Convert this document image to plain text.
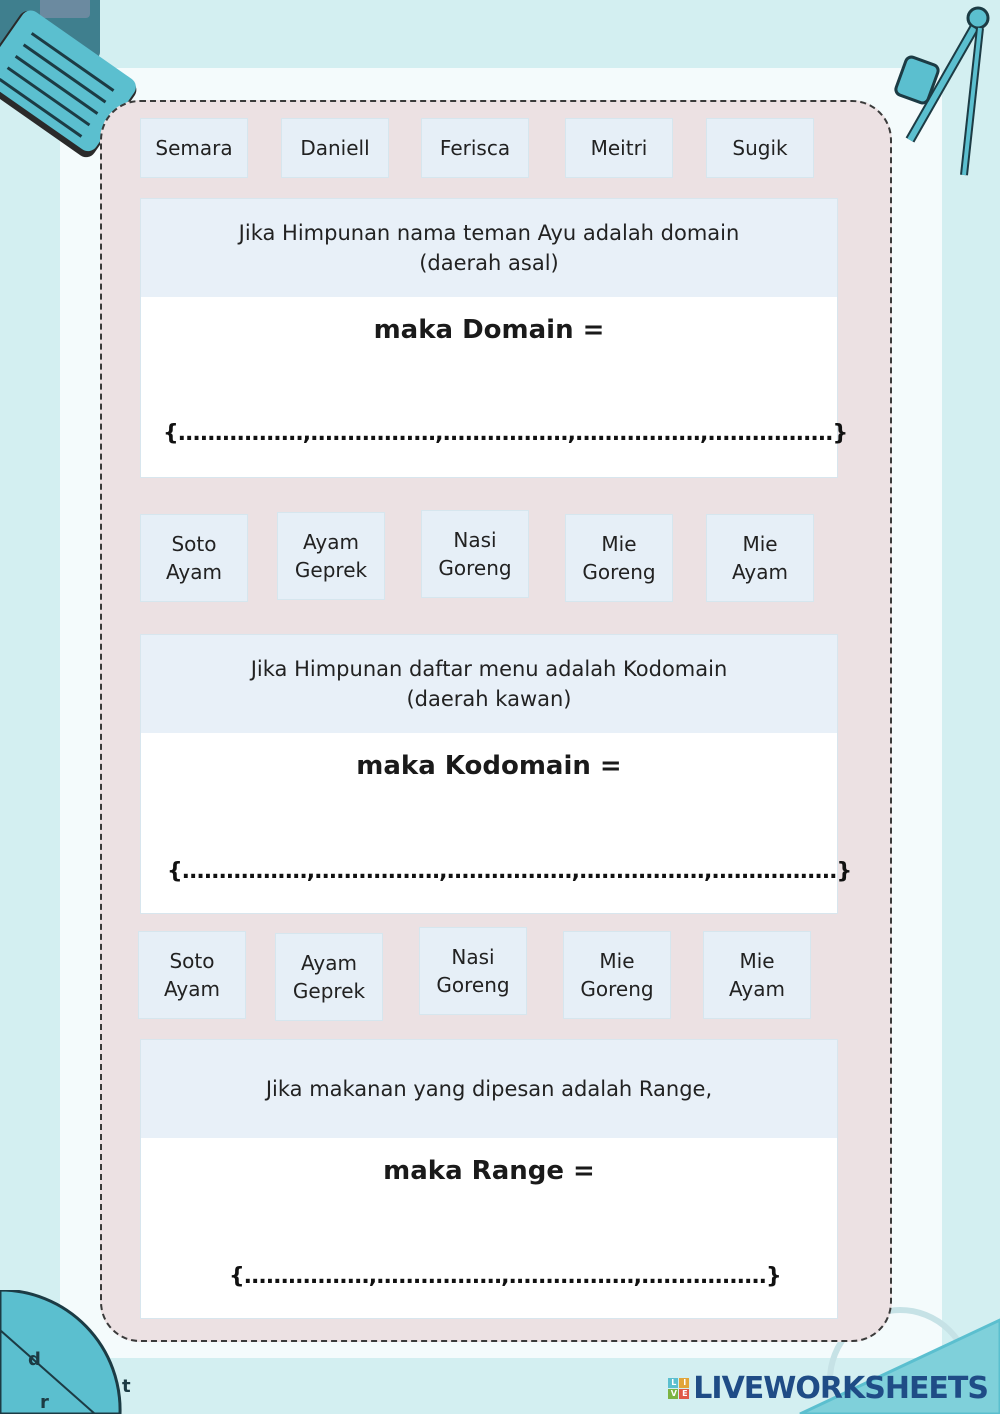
d
r
t
Semara	Daniell	Ferisca	Meitri	Sugik
Jika Himpunan nama teman Ayu adalah domain
(daerah asal)
maka Domain =
{.................,.................,.................,.................,.................}
Soto
Ayam
Ayam
Geprek
Nasi
Goreng
Mie
Goreng
Mie
Ayam
Jika Himpunan daftar menu adalah Kodomain
(daerah kawan)
maka Kodomain =
{.................,.................,.................,.................,.................}
Soto
Ayam
Ayam
Geprek
Nasi
Goreng
Mie
Goreng
Mie
Ayam
Jika makanan yang dipesan adalah Range,
maka Range =
{.................,.................,.................,.................}
L I
V E LIVEWORKSHEETS
